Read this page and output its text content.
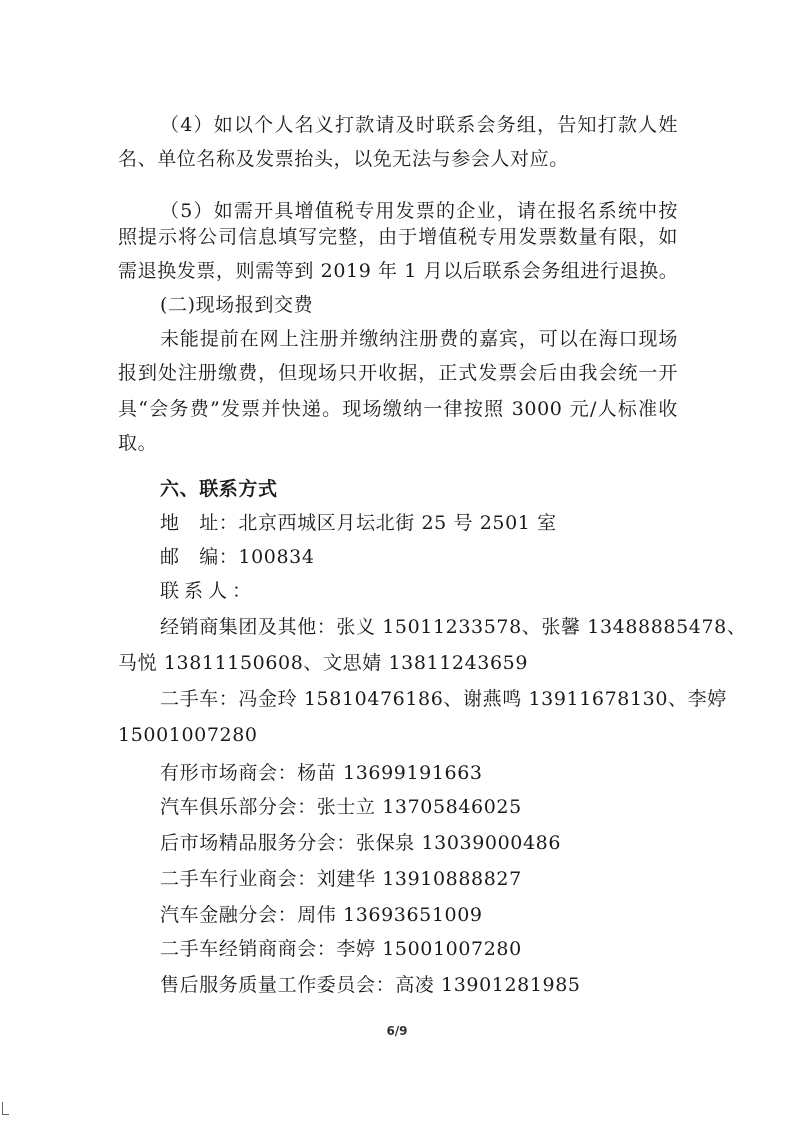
（4）如以个人名义打款请及时联系会务组，告知打款人姓
名、单位名称及发票抬头，以免无法与参会人对应。
（5）如需开具增值税专用发票的企业，请在报名系统中按
照提示将公司信息填写完整，由于增值税专用发票数量有限，如
需退换发票，则需等到 2019 年 1 月以后联系会务组进行退换。
(二)现场报到交费
未能提前在网上注册并缴纳注册费的嘉宾，可以在海口现场
报到处注册缴费，但现场只开收据，正式发票会后由我会统一开
具“会务费”发票并快递。现场缴纳一律按照 3000 元/人标准收
取。
六、联系方式
地　址：北京西城区月坛北街 25 号 2501 室
邮　编：100834
联系人：
经销商集团及其他：张义 15011233578、张馨 13488885478、
马悦 13811150608、文思婧 13811243659
二手车：冯金玲 15810476186、谢燕鸣 13911678130、李婷
15001007280
有形市场商会：杨苗 13699191663
汽车俱乐部分会：张士立 13705846025
后市场精品服务分会：张保泉 13039000486
二手车行业商会：刘建华 13910888827
汽车金融分会：周伟 13693651009
二手车经销商商会：李婷 15001007280
售后服务质量工作委员会：高凌 13901281985
6/9
